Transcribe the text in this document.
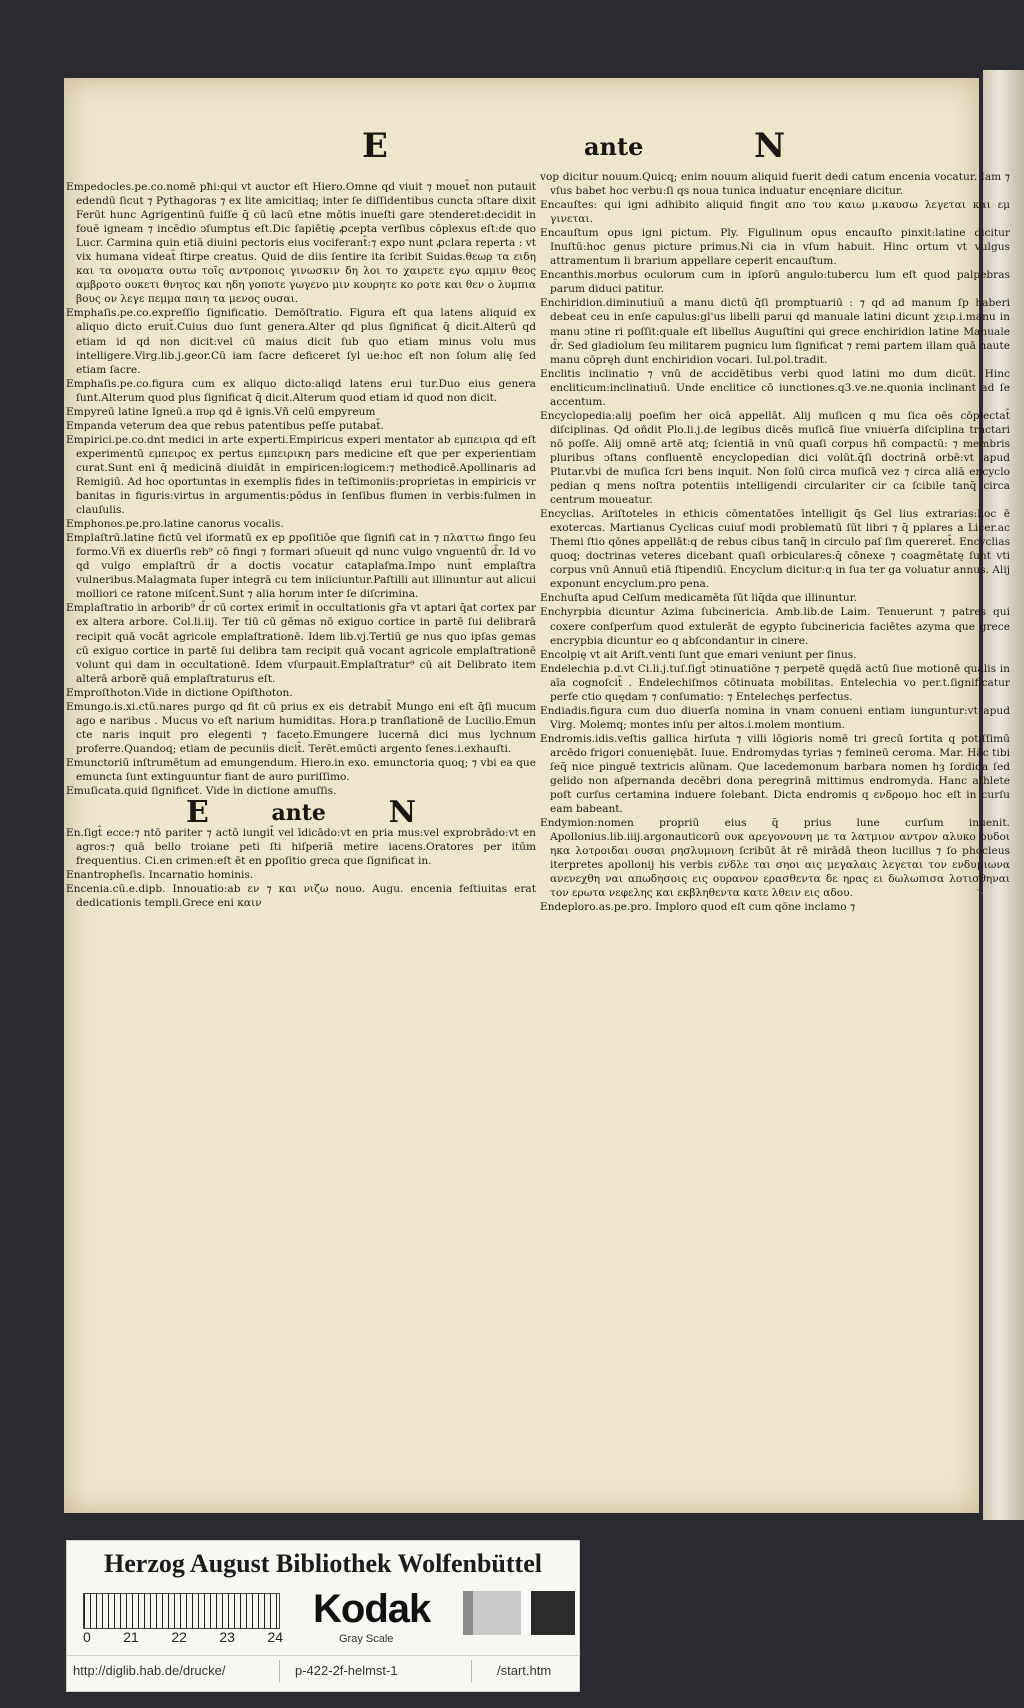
E	ante	N
·.

Empedocles.pe.co.nomē pħi:qui vt auctor eſt Hiero.Omne qd viuit ⁊ mouet̄ non putauit edendū ſicut ⁊ Pythagoras ⁊ ex lite amicitiaq; inter ſe diſſidentibus cuncta ↄſtare dixit Ferūt hunc Agrigentinū fuiſſe q̄ cū lacū etne mōtis inueſti gare ↄtenderet:decidit in fouē igneam ⁊ incēdio ↄſumptus eſt.Dic ſapiētię ꝓcepta verſibus cōplexus eſt:de quo Lucr. Carmina quin etiā diuini pectoris eius vociferant̄:⁊ expo nunt ꝓclara reperta : vt vix humana videat̄ ſtirpe creatus. Quid de diis ſentire ita ſcribit Suidas.θεωρ τα ειδη και τα ονοματα ουτω τοῖς αντροποις γινωσκιν δη λοι το χαιρετε εγω αμμιν θεος αμβροτο ουκετι θνητος και ηδη γοποτε γωγενο μιν κουρητε κο ροτε και θεν ο λυμπια βους ον λεγε πεμμα παιη τα μενος ουσαι.

Emphaſis.pe.co.expreſſio ſignificatio. Demōſtratio. Figura eſt qua latens aliquid ex aliquo dicto eruit̄.Cuius duo ſunt genera.Alter qd plus ſignificat q̄ dicit.Alterū qd etiam id qd non dicit:vel cū maius dicit ſub quo etiam minus volu mus intelligere.Virg.lib.j.geor.Cū iam ſacre deficeret ſyl ue:hoc eſt non ſolum alię ſed etiam ſacre.

Emphaſis.pe.co.figura cum ex aliquo dicto:aliqd latens erui tur.Duo eius genera ſunt.Alterum quod plus ſignificat q̄ dicit.Alterum quod etiam id quod non dicit.

Empyreū latine Igneū.a πυρ qd ē ignis.Vñ celū empyreum

Empanda veterum dea que rebus patentibus peſſe putabat̄.

Empirici.pe.co.dnt medici in arte experti.Empiricus experi mentator ab εμπειρια qd eſt experimentū εμπειρος ex pertus εμπειρικη pars medicine eſt que per experientiam curat.Sunt eni q̄ medicinā diuidāt in empiricen:logicem:⁊ methodicē.Apollinaris ad Remigiū. Ad hoc oportuntas in exemplis fides in teſtimoniis:proprietas in empiricis vr banitas in figuris:virtus in argumentis:pōdus in ſenſibus flumen in verbis:fulmen in clauſulis.

Emphonos.pe.pro.latine canorus vocalis.

Emplaſtrū.latine fictū vel iformatū ex ep ꝑpoſitiōe que ſignifi cat in ⁊ πλαττω fingo ſeu formo.Vñ ex diuerſis reb⁹ cō fingi ⁊ formari ↄſueuit qd nunc vulgo vnguentū d̄r. Id vo qd vulgo emplaſtrū d̄r a doctis vocatur cataplaſma.Impo nunt̄ emplaſtra vulneribus.Malagmata ſuper integrā cu tem iniiciuntur.Paſtilli aut illinuntur aut alicui molliori ce ratone miſcent̄.Sunt ⁊ alia horum inter ſe diſcrimina.

Emplaſtratio in arborib⁹ d̄r cū cortex erimit̄ in occultationis gr̄a vt aptari q̄at cortex par ex altera arbore. Col.li.iij. Ter tiū cū gēmas nō exiguo cortice in partē ſui delibrarā recipit quā vocāt agricole emplaſtrationē. Idem lib.vj.Tertiū ge nus quo ipſas gemas cū exiguo cortice in partē ſui delibra tam recipit quā vocant agricole emplaſtrationē volunt qui dam in occultationē. Idem vſurpauit.Emplaſtratur⁹ cū ait Delibrato item alterā arborē quā emplaſtraturus eſt.

Emproſthoton.Vide in dictione Opiſthoton.

Emungo.is.xi.ctū.nares purgo qd fit cū prius ex eis detrabit̄ Mungo eni eſt q̄ſi mucum ago e naribus . Mucus vo eſt narium humiditas. Hora.p tranſlationē de Lucilio.Emun cte naris inquit pro elegenti ⁊ faceto.Emungere lucernā dici mus lychnum proferre.Quandoq; etiam de pecuniis dicit̄. Terēt.emūcti argento ſenes.i.exhauſti.

Emunctoriū inſtrumētum ad emungendum. Hiero.in exo. emunctoria quoq; ⁊ vbi ea que emuncta ſunt extinguuntur fiant de auro puriſſimo.

Emuſicata.quid ſignificet. Vide in dictione amuſſis.

E	ante N

En.ſigt̄ ecce:⁊ ntō pariter ⁊ actō iungit̄ vel īdicādo:vt en pria mus:vel exprobrādo:vt en agros:⁊ quā bello troiane peti ſti hiſperiā metire iacens.Oratores per itūm frequentius. Ci.en crimen:eſt ēt en ꝑpoſitio greca que ſignificat in.

Enantropheſis. Incarnatio hominis.

Encenia.cū.e.dipb. Innouatio:ab εν ⁊ και νιζω nouo. Augu. encenia feſtiuitas erat dedicationis templi.Grece eni καιν

vop dicitur nouum.Quicq; enim nouum aliquid fuerit dedi catum encenia vocatur. Iam ⁊ vſus babet hoc verbu:ſi qs noua tunica induatur encęniare dicitur.

Encauſtes: qui igni adhibito aliquid fingit απο του καιω μ.καυσω λεγεται και εμ γινεται.

Encauſtum opus igni pictum. Ply. Figulinum opus encauſto pinxit:latine dicitur Inuſtū:hoc genus picture primus.Ni cia in vſum habuit. Hinc ortum vt vulgus attramentum li brarium appellare ceperit encauſtum.

Encanthis.morbus oculorum cum in ipſorū angulo:tubercu lum eſt quod palpebras parum diduci patitur.

Enchiridion.diminutiuū a manu dictū q̄ſi promptuariū : ⁊ qd ad manum ſp haberi debeat ceu in enſe capulus:gl'us libelli parui qd manuale latini dicunt χειρ.i.manu in manu ↄtine ri poſſit:quale eſt libellus Auguſtini qui grece enchiridion latine Manuale d̄r. Sed gladiolum ſeu militarem pugnicu lum ſignificat ⁊ remi partem illam quā naute manu cōpręh dunt enchiridion vocari. Iul.pol.tradit.

Enclitis inclinatio ⁊ vnū de accidētibus verbi quod latini mo dum dicūt. Hinc encliticum:inclinatiuū. Unde enclitice cō iunctiones.q3.ve.ne.quonia inclinant ad ſe accentum.

Encyclopedia:alij poeſim her oicā appellāt. Alij muſicen q mu ſica oēs cōplectat̄ diſciplinas. Qd oñdit Plo.li.j.de legibus dicēs muſicā ſiue vniuerſa diſciplina tractari nō poſſe. Alij omnē artē atq; ſcientiā in vnū quaſi corpus hñ compactū: ⁊ membris pluribus ↄſtans confluentē encyclopedian dici volūt.q̄ſi doctrinā orbē:vt apud Plutar.vbi de muſica ſcri bens inquit. Non ſolū circa muſicā vez ⁊ circa aliā encyclo pedian q mens noſtra potentiis intelligendi circulariter cir ca ſcibile tanq̄ circa centrum moueatur.

Encyclias. Ariſtoteles in ethicis cōmentatōes īntelligit q̄s Gel lius extrarias:hoc ē exotercas. Martianus Cyclicas cuiuſ modi problematū ſūt libri ⁊ q̄ pplares a Licer.ac Themi ſtio qōnes appellāt:q de rebus cibus tanq̄ in circulo paſ ſim quereret̄. Encyclias quoq; doctrinas veteres dicebant quaſi orbiculares:q̄ cōnexe ⁊ coagmētatę ſunt vti corpus vnū Annuū etiā ſtipendiū. Encyclum dicitur:q in ſua ter ga voluatur annus. Alij exponunt encyclum.pro pena.

Enchuſta apud Celſum medicamēta ſūt liq̄da que illinuntur.

Enchyrpbia dicuntur Azima ſubcinericia. Amb.lib.de Laim. Tenuerunt ⁊ patres qui coxere conſperſum quod extulerāt de egypto ſubcinericia faciētes azyma que grece encrypbia dicuntur eo q abſcondantur in cinere.

Encolpię vt ait Ariſt.venti ſunt que emari veniunt per ſinus.

Endelechia p.d.vt Ci.li.j.tuſ.ſigt̄ ↄtinuatiōne ⁊ perpetē quędā actū ſiue motionē qualis in aīa cognoſcit̄ . Endelechiſmos cōtinuata mobilitas. Entelechia vo per.t.ſignificatur perfe ctio quędam ⁊ conſumatio: ⁊ Entelechęs perfectus.

Endiadis.figura cum duo diuerſa nomina in vnam conueni entiam iunguntur:vt apud Virg. Molemq; montes inſu per altos.i.molem montium.

Endromis.idis.veſtis gallica hirſuta ⁊ villi lōgioris nomē tri grecū ſortita q potiſſimū arcēdo frigori conueniębāt. Iuue. Endromydas tyrias ⁊ femineū ceroma. Mar. Hāc tibi ſeq̄ nice pinguē textricis alūnam. Que lacedemonum barbara nomen hȝ ſordida ſed gelido non aſpernanda decēbri dona peregrinā mittimus endromyda. Hanc athlete poſt curſus certamina induere ſolebant. Dicta endromis q ενδρομο hoc eſt in curſu eam babeant.

Endymion:nomen propriū eius q̄ prius lune curſum inuenit. Apollonius.lib.iiij.argonauticorū ουκ αρεγονουνη με τα λατμιον αντρον αλυκο ουδοι ηκα λοτροιδαι ουσαι ρησλυμιονη ſcribūt āt rē mirādā theon lucillus ⁊ ſo phocleus iterpretes apollonij his verbis ενδλε ται σηοι αις μεγαλαις λεγεται τον ενδυμιωνα ανενεχθη ναι απωδησοις εις ουρανον ερασθεντα δε ηρας ει δωλωπισα λοτισθηναι τον ερωτα νεφελης και εκβληθεντα κατε λθειν εις αδου.

Endeploro.as.pe.pro. Imploro quod eſt cum qōne inclamo ⁊

Herzog August Bibliothek Wolfenbüttel
0 21 22 23 24
Kodak
Gray Scale
http://diglib.hab.de/drucke/	p-422-2f-helmst-1	/start.htm
